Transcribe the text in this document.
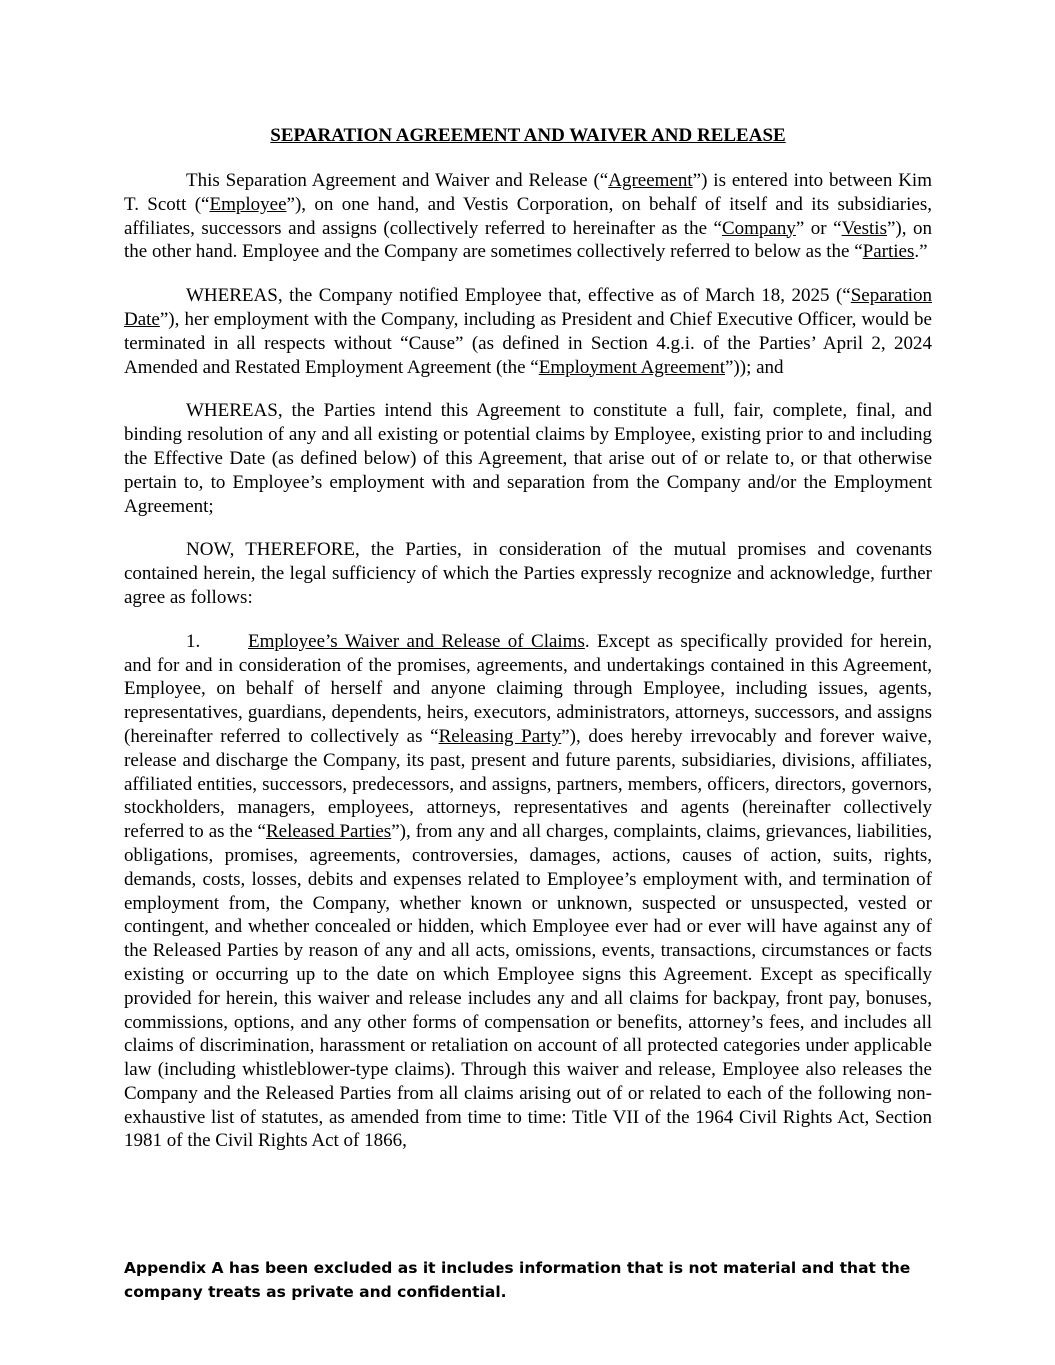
SEPARATION AGREEMENT AND WAIVER AND RELEASE

This Separation Agreement and Waiver and Release (“Agreement”) is entered into between Kim T. Scott (“Employee”), on one hand, and Vestis Corporation, on behalf of itself and its subsidiaries, affiliates, successors and assigns (collectively referred to hereinafter as the “Company” or “Vestis”), on the other hand. Employee and the Company are sometimes collectively referred to below as the “Parties.”

WHEREAS, the Company notified Employee that, effective as of March 18, 2025 (“Separation Date”), her employment with the Company, including as President and Chief Executive Officer, would be terminated in all respects without “Cause” (as defined in Section 4.g.i. of the Parties’ April 2, 2024 Amended and Restated Employment Agreement (the “Employment Agreement”)); and

WHEREAS, the Parties intend this Agreement to constitute a full, fair, complete, final, and binding resolution of any and all existing or potential claims by Employee, existing prior to and including the Effective Date (as defined below) of this Agreement, that arise out of or relate to, or that otherwise pertain to, to Employee’s employment with and separation from the Company and/or the Employment Agreement;

NOW, THEREFORE, the Parties, in consideration of the mutual promises and covenants contained herein, the legal sufficiency of which the Parties expressly recognize and acknowledge, further agree as follows:

1.	Employee’s Waiver and Release of Claims. Except as specifically provided for herein, and for and in consideration of the promises, agreements, and undertakings contained in this Agreement, Employee, on behalf of herself and anyone claiming through Employee, including issues, agents, representatives, guardians, dependents, heirs, executors, administrators, attorneys, successors, and assigns (hereinafter referred to collectively as “Releasing Party”), does hereby irrevocably and forever waive, release and discharge the Company, its past, present and future parents, subsidiaries, divisions, affiliates, affiliated entities, successors, predecessors, and assigns, partners, members, officers, directors, governors, stockholders, managers, employees, attorneys, representatives and agents (hereinafter collectively referred to as the “Released Parties”), from any and all charges, complaints, claims, grievances, liabilities, obligations, promises, agreements, controversies, damages, actions, causes of action, suits, rights, demands, costs, losses, debits and expenses related to Employee’s employment with, and termination of employment from, the Company, whether known or unknown, suspected or unsuspected, vested or contingent, and whether concealed or hidden, which Employee ever had or ever will have against any of the Released Parties by reason of any and all acts, omissions, events, transactions, circumstances or facts existing or occurring up to the date on which Employee signs this Agreement. Except as specifically provided for herein, this waiver and release includes any and all claims for backpay, front pay, bonuses, commissions, options, and any other forms of compensation or benefits, attorney’s fees, and includes all claims of discrimination, harassment or retaliation on account of all protected categories under applicable law (including whistleblower-type claims). Through this waiver and release, Employee also releases the Company and the Released Parties from all claims arising out of or related to each of the following non-exhaustive list of statutes, as amended from time to time: Title VII of the 1964 Civil Rights Act, Section 1981 of the Civil Rights Act of 1866,

Appendix A has been excluded as it includes information that is not material and that the company treats as private and confidential.
